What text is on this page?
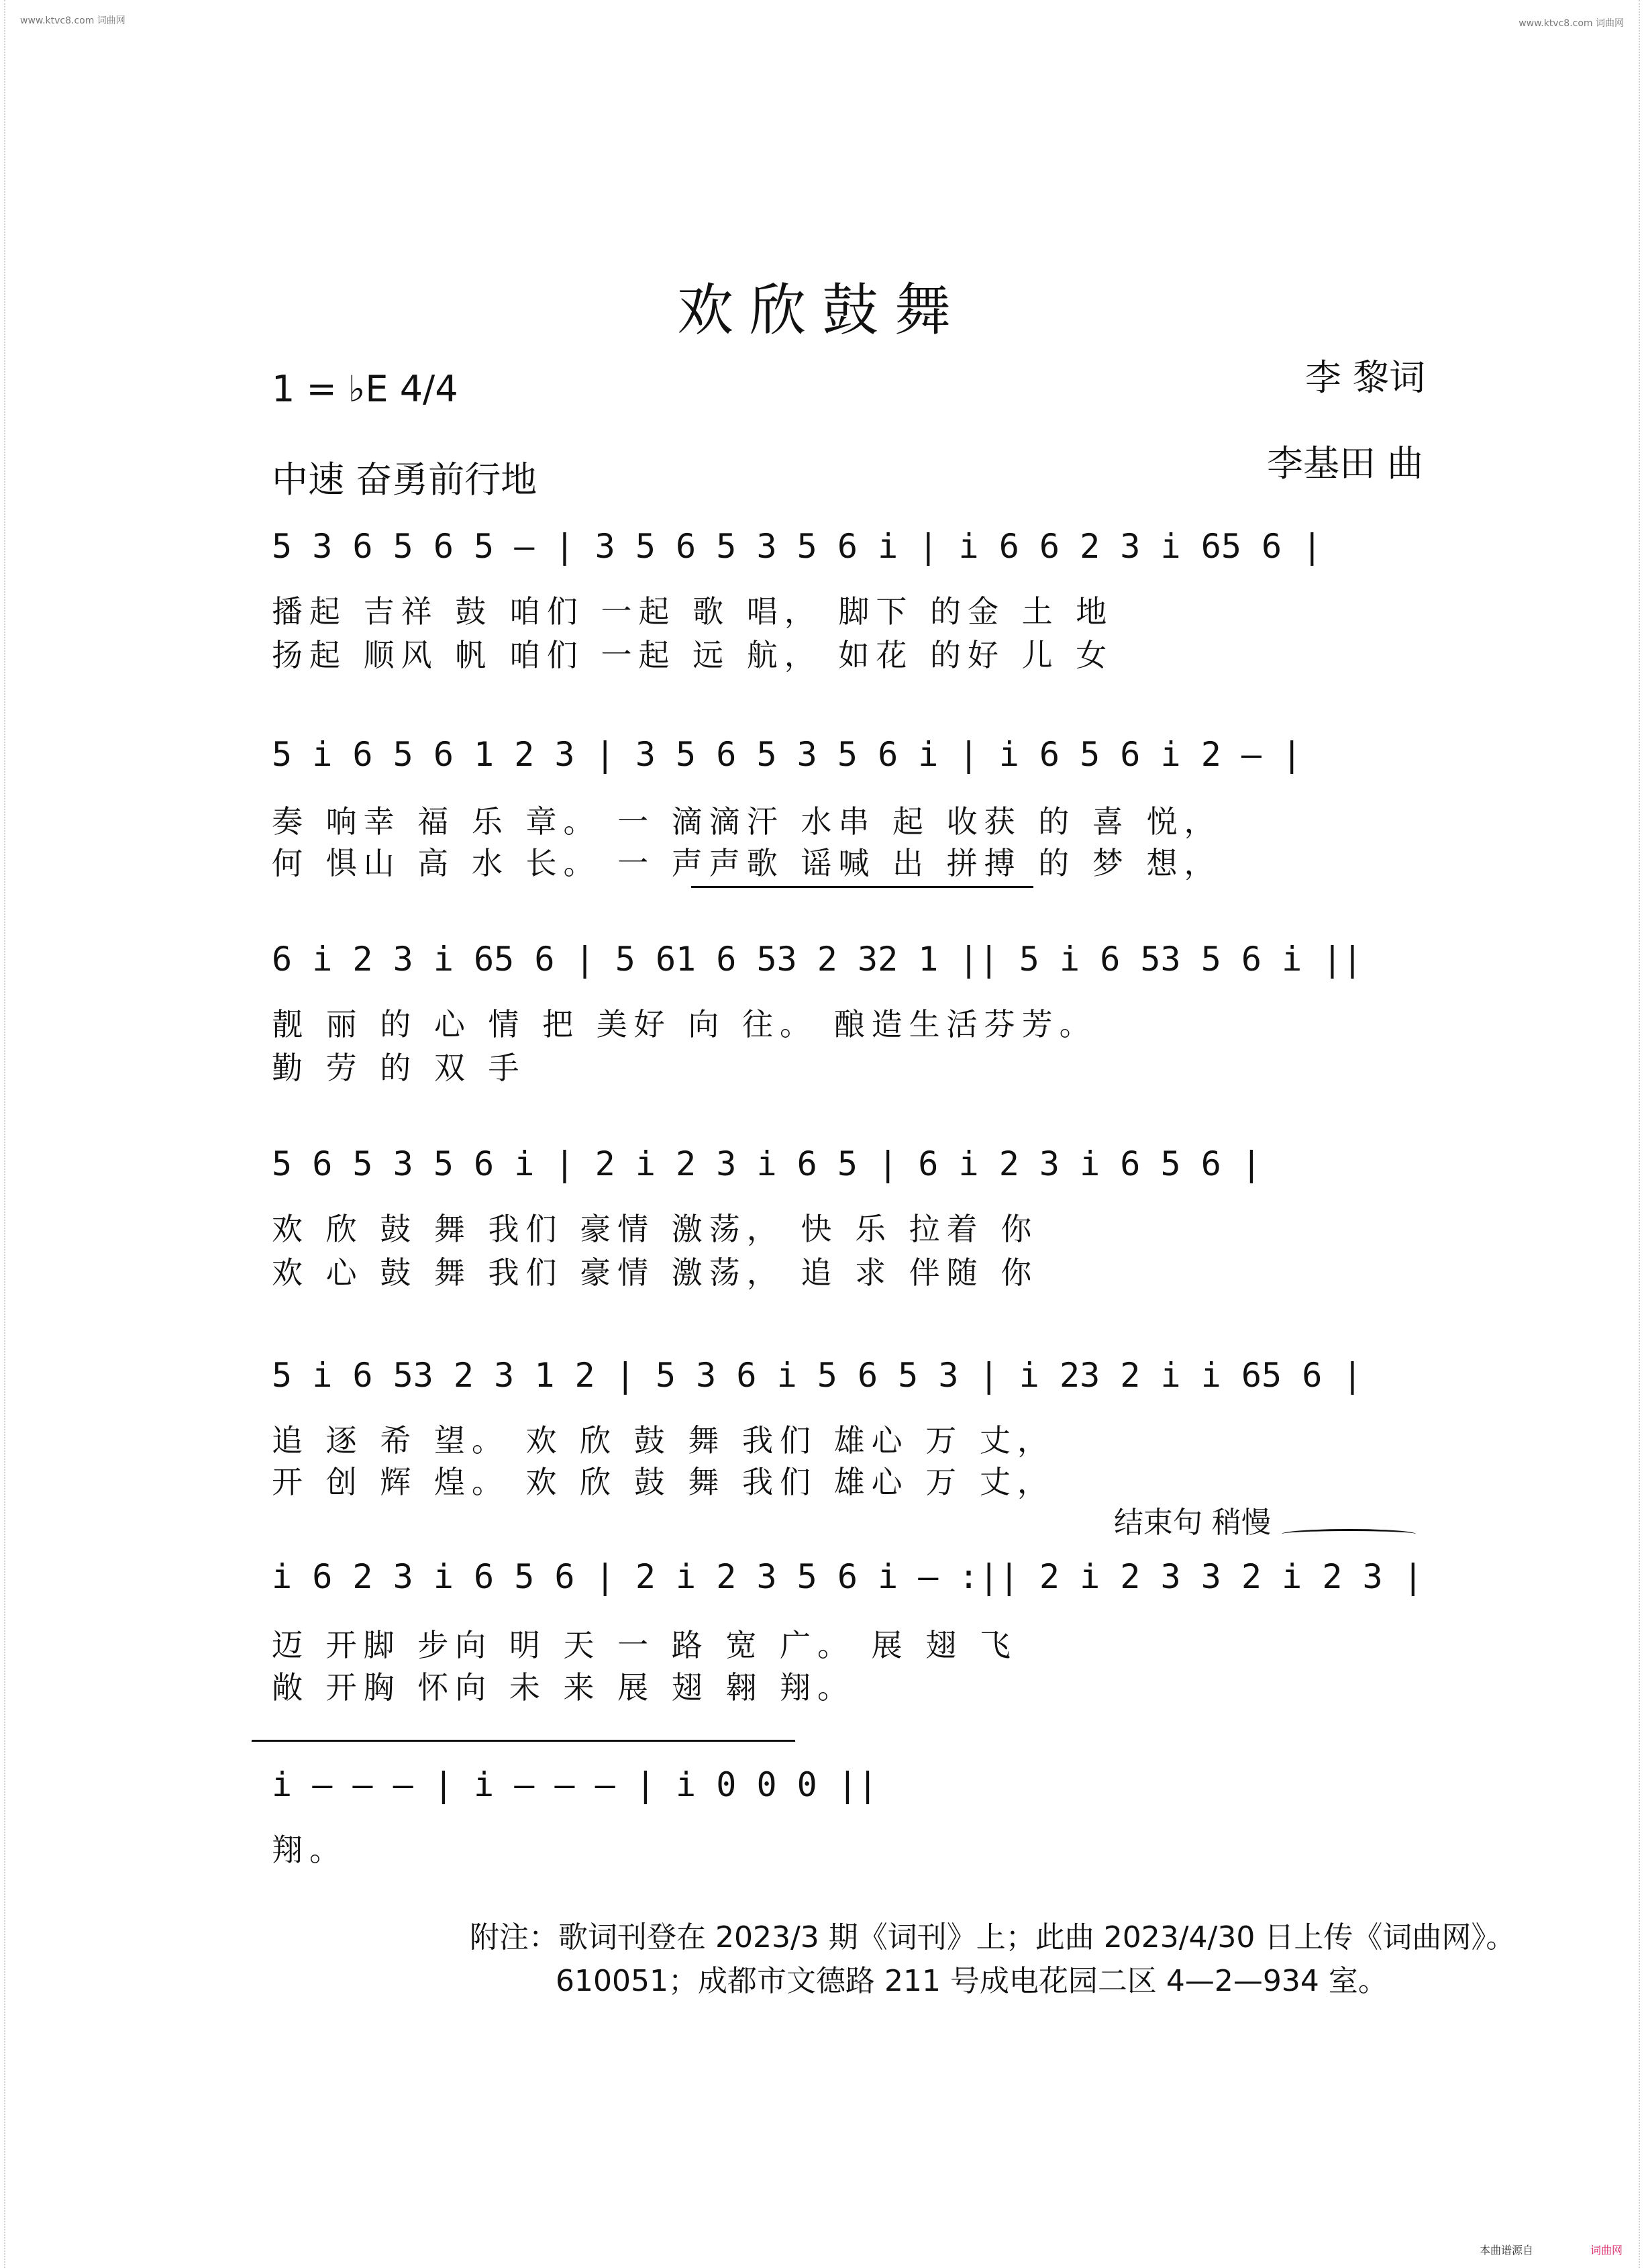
www.ktvc8.com 词曲网	www.ktvc8.com 词曲网
欢欣鼓舞
1 = ♭E 4/4	李 黎词
李基田 曲
中速 奋勇前行地
5 3 6 5 6 5 — | 3 5 6 5 3 5 6 i | i 6 6 2 3 i 65 6 |
播起 吉祥 鼓 咱们 一起 歌 唱， 脚下 的金 土 地
扬起 顺风 帆 咱们 一起 远 航， 如花 的好 儿 女
5 i 6 5 6 1 2 3 | 3 5 6 5 3 5 6 i | i 6 5 6 i 2 — |
奏 响幸 福 乐 章。 一 滴滴汗 水串 起 收获 的 喜 悦，
何 惧山 高 水 长。 一 声声歌 谣喊 出 拼搏 的 梦 想，
6 i 2 3 i 65 6 | 5 61 6 53 2 32 1 || 5 i 6 53 5 6 i ||
靓 丽 的 心 情 把 美好 向 往。 酿造生活芬芳。
勤 劳 的 双 手
5 6 5 3 5 6 i | 2 i 2 3 i 6 5 | 6 i 2 3 i 6 5 6 |
欢 欣 鼓 舞 我们 豪情 激荡， 快 乐 拉着 你
欢 心 鼓 舞 我们 豪情 激荡， 追 求 伴随 你
5 i 6 53 2 3 1 2 | 5 3 6 i 5 6 5 3 | i 23 2 i i 65 6 |
追 逐 希 望。 欢 欣 鼓 舞 我们 雄心 万 丈，
开 创 辉 煌。 欢 欣 鼓 舞 我们 雄心 万 丈，
结束句 稍慢
i 6 2 3 i 6 5 6 | 2 i 2 3 5 6 i — :|| 2 i 2 3 3 2 i 2 3 |
迈 开脚 步向 明 天 一 路 宽 广。 展 翅 飞
敞 开胸 怀向 未 来 展 翅 翱 翔。
i — — — | i — — — | i 0 0 0 ||
翔。
附注：歌词刊登在 2023/3 期《词刊》上；此曲 2023/4/30 日上传《词曲网》。
610051；成都市文德路 211 号成电花园二区 4—2—934 室。
本曲谱源自	词曲网
